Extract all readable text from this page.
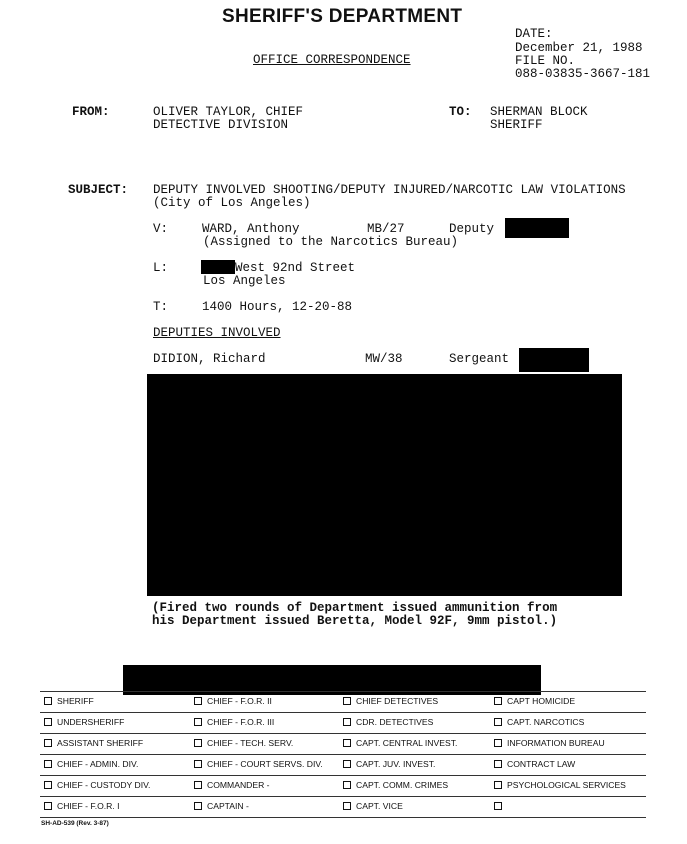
SHERIFF'S DEPARTMENT
OFFICE CORRESPONDENCE
DATE:
December 21, 1988
FILE NO.
088-03835-3667-181
FROM:	OLIVER TAYLOR, CHIEF
DETECTIVE DIVISION
TO: SHERMAN BLOCK
SHERIFF
SUBJECT: DEPUTY INVOLVED SHOOTING/DEPUTY INJURED/NARCOTIC LAW VIOLATIONS
(City of Los Angeles)
V:	WARD, Anthony	MB/27	Deputy
(Assigned to the Narcotics Bureau)
L:	West 92nd Street
Los Angeles
T:	1400 Hours, 12-20-88
DEPUTIES INVOLVED
DIDION, Richard	MW/38	Sergeant
(Fired two rounds of Department issued ammunition from
his Department issued Beretta, Model 92F, 9mm pistol.)
SHERIFF	CHIEF - F.O.R. II	CHIEF DETECTIVES	CAPT HOMICIDE
UNDERSHERIFF	CHIEF - F.O.R. III	CDR. DETECTIVES	CAPT. NARCOTICS
ASSISTANT SHERIFF	CHIEF - TECH. SERV.	CAPT. CENTRAL INVEST.	INFORMATION BUREAU
CHIEF - ADMIN. DIV.	CHIEF - COURT SERVS. DIV.	CAPT. JUV. INVEST.	CONTRACT LAW
CHIEF - CUSTODY DIV.	COMMANDER -	CAPT. COMM. CRIMES	PSYCHOLOGICAL SERVICES
CHIEF - F.O.R. I	CAPTAIN -	CAPT. VICE
SH-AD-539 (Rev. 3-87)
